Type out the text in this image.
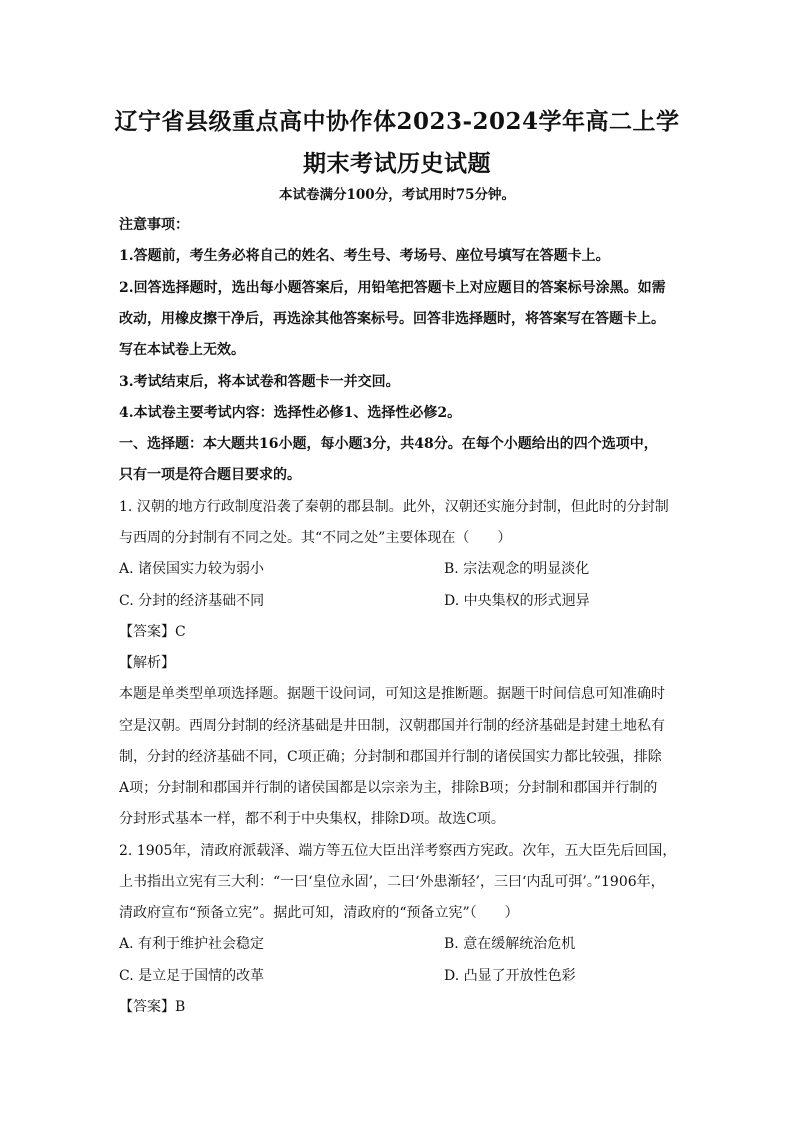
辽宁省县级重点高中协作体2023-2024学年高二上学
期末考试历史试题
本试卷满分100分，考试用时75分钟。
注意事项：
1.答题前，考生务必将自己的姓名、考生号、考场号、座位号填写在答题卡上。
2.回答选择题时，选出每小题答案后，用铅笔把答题卡上对应题目的答案标号涂黑。如需
改动，用橡皮擦干净后，再选涂其他答案标号。回答非选择题时，将答案写在答题卡上。
写在本试卷上无效。
3.考试结束后，将本试卷和答题卡一并交回。
4.本试卷主要考试内容：选择性必修1、选择性必修2。
一、选择题：本大题共16小题，每小题3分，共48分。在每个小题给出的四个选项中，
只有一项是符合题目要求的。
1. 汉朝的地方行政制度沿袭了秦朝的郡县制。此外，汉朝还实施分封制，但此时的分封制
与西周的分封制有不同之处。其“不同之处”主要体现在（　　）
A. 诸侯国实力较为弱小	B. 宗法观念的明显淡化
C. 分封的经济基础不同	D. 中央集权的形式迥异
【答案】C
【解析】
本题是单类型单项选择题。据题干设问词，可知这是推断题。据题干时间信息可知准确时
空是汉朝。西周分封制的经济基础是井田制，汉朝郡国并行制的经济基础是封建土地私有
制，分封的经济基础不同，C项正确；分封制和郡国并行制的诸侯国实力都比较强，排除
A项；分封制和郡国并行制的诸侯国都是以宗亲为主，排除B项；分封制和郡国并行制的
分封形式基本一样，都不利于中央集权，排除D项。故选C项。
2. 1905年，清政府派载泽、端方等五位大臣出洋考察西方宪政。次年，五大臣先后回国，
上书指出立宪有三大利：“一曰‘皇位永固’，二曰‘外患渐轻’，三曰‘内乱可弭’。”1906年，
清政府宣布“预备立宪”。据此可知，清政府的“预备立宪”（　　）
A. 有利于维护社会稳定	B. 意在缓解统治危机
C. 是立足于国情的改革	D. 凸显了开放性色彩
【答案】B
